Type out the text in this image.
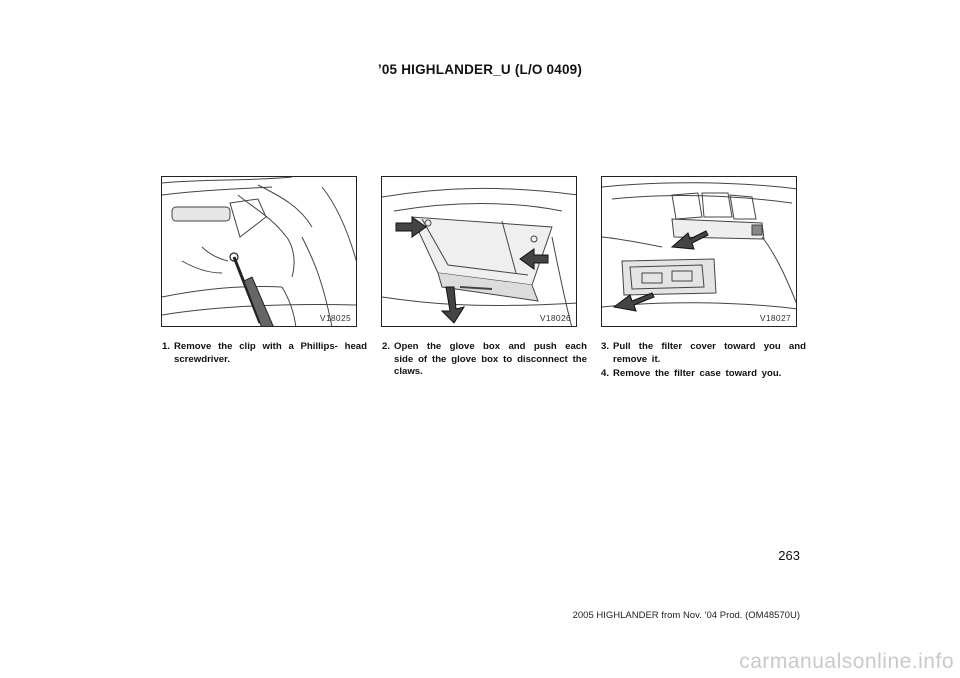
’05 HIGHLANDER_U (L/O 0409)
V18025	V18026	V18027
1. Remove the clip with a Phillips- head screwdriver.
2. Open the glove box and push each side of the glove box to disconnect the claws.
3. Pull the filter cover toward you and remove it.
4. Remove the filter case toward you.
263
2005 HIGHLANDER from Nov. ’04 Prod. (OM48570U)
carmanualsonline.info
